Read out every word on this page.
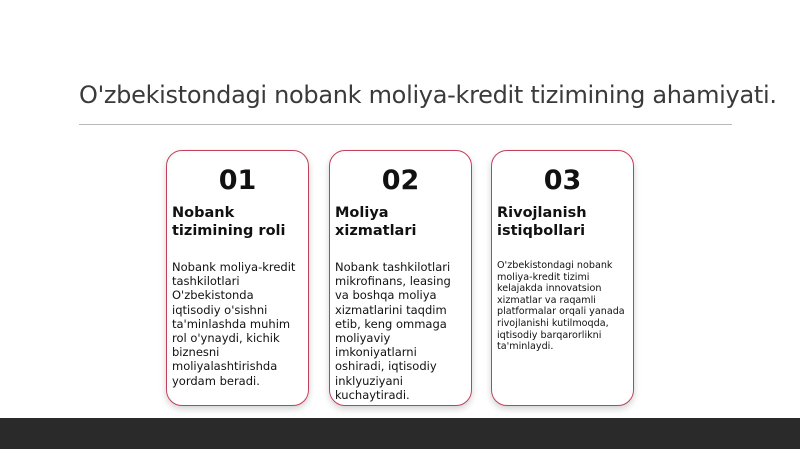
O'zbekistondagi nobank moliya-kredit tizimining ahamiyati.
01
Nobank tizimining roli
Nobank moliya-kredit tashkilotlari O'zbekistonda iqtisodiy o'sishni ta'minlashda muhim rol o'ynaydi, kichik biznesni moliyalashtirishda yordam beradi.
02
Moliya xizmatlari
Nobank tashkilotlari mikrofinans, leasing va boshqa moliya xizmatlarini taqdim etib, keng ommaga moliyaviy imkoniyatlarni oshiradi, iqtisodiy inklyuziyani kuchaytiradi.
03
Rivojlanish istiqbollari
O'zbekistondagi nobank moliya-kredit tizimi kelajakda innovatsion xizmatlar va raqamli platformalar orqali yanada rivojlanishi kutilmoqda, iqtisodiy barqarorlikni ta'minlaydi.
